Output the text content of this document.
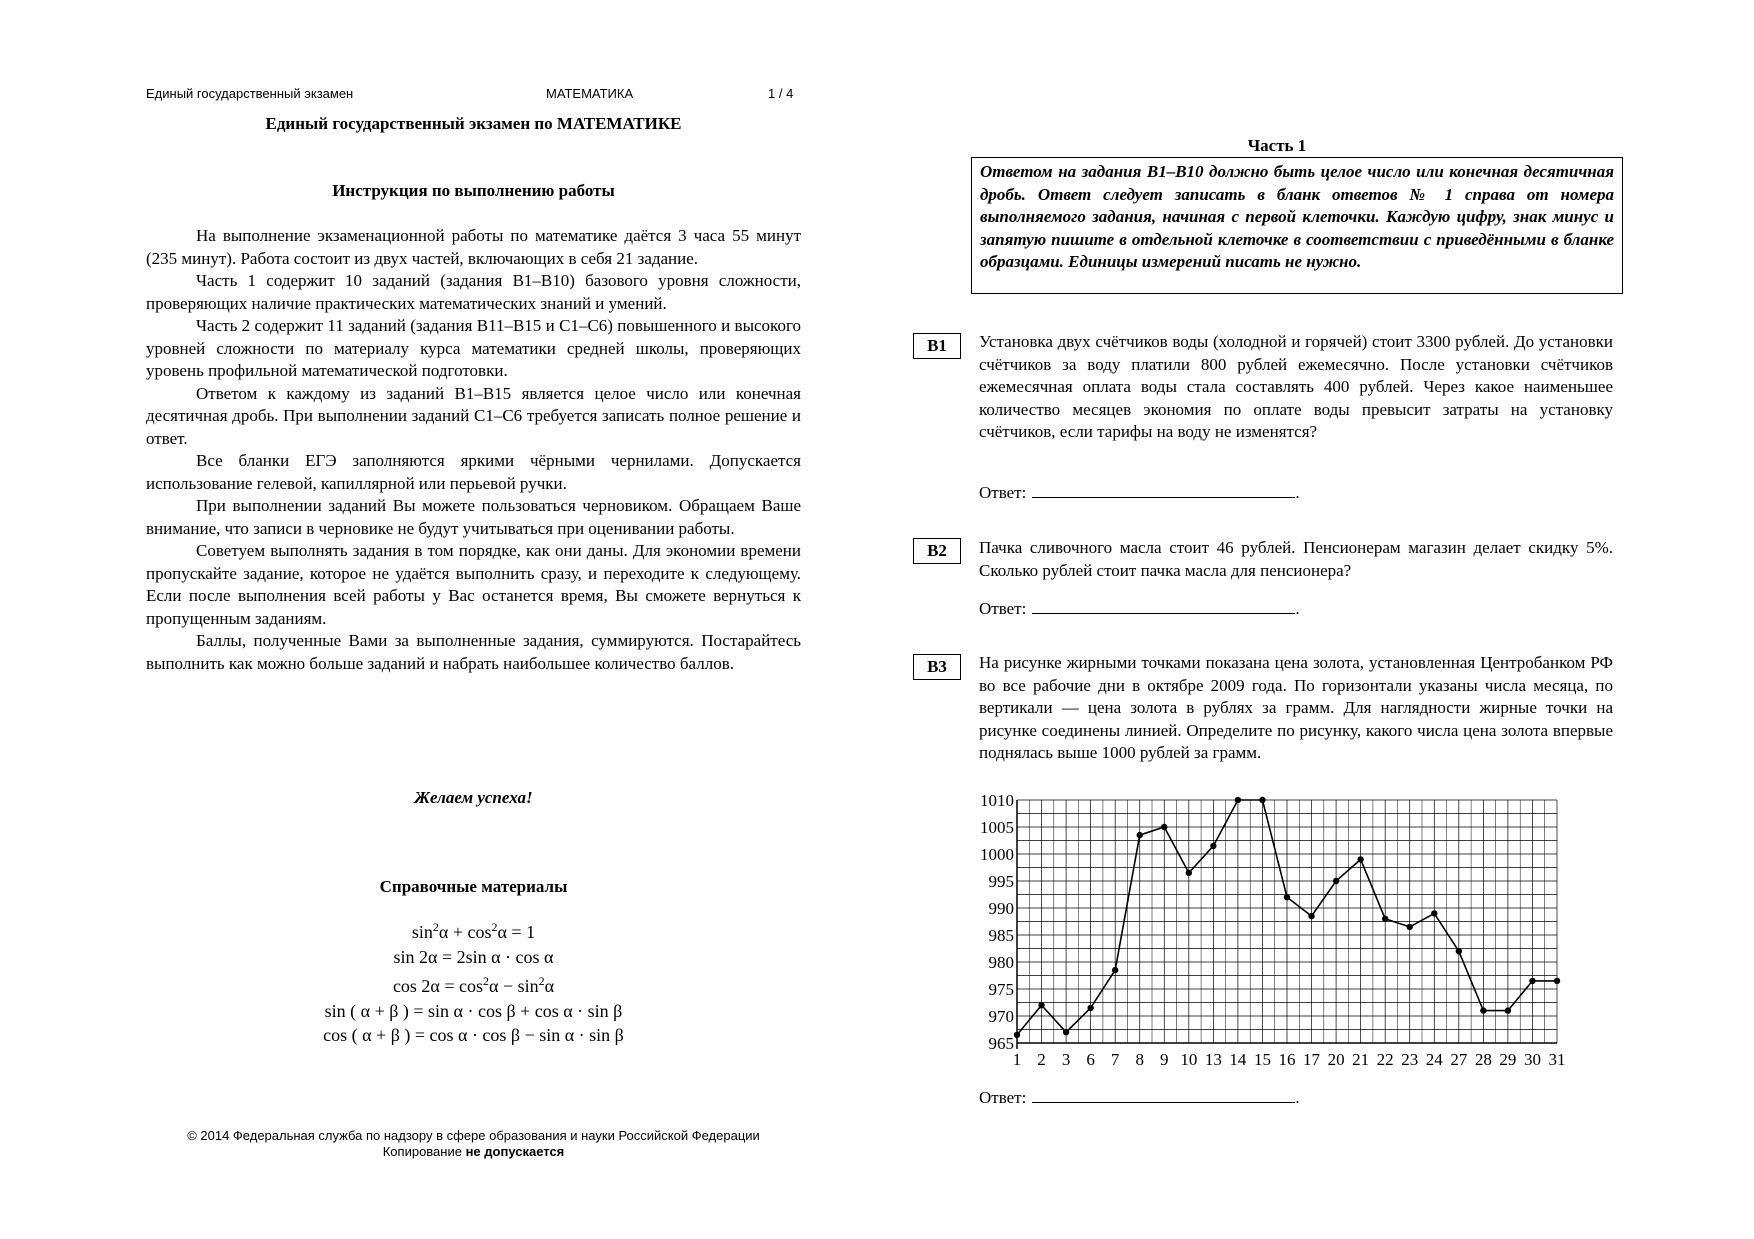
Единый государственный экзамен	МАТЕМАТИКА	1 / 4
Единый государственный экзамен по МАТЕМАТИКЕ
Инструкция по выполнению работы

На выполнение экзаменационной работы по математике даётся 3 часа 55 минут (235 минут). Работа состоит из двух частей, включающих в себя 21 задание.

Часть 1 содержит 10 заданий (задания B1–B10) базового уровня сложности, проверяющих наличие практических математических знаний и умений.

Часть 2 содержит 11 заданий (задания B11–B15 и C1–C6) повышенного и высокого уровней сложности по материалу курса математики средней школы, проверяющих уровень профильной математической подготовки.

Ответом к каждому из заданий B1–B15 является целое число или конечная десятичная дробь. При выполнении заданий C1–C6 требуется записать полное решение и ответ.

Все бланки ЕГЭ заполняются яркими чёрными чернилами. Допускается использование гелевой, капиллярной или перьевой ручки.

При выполнении заданий Вы можете пользоваться черновиком. Обращаем Ваше внимание, что записи в черновике не будут учитываться при оценивании работы.

Советуем выполнять задания в том порядке, как они даны. Для экономии времени пропускайте задание, которое не удаётся выполнить сразу, и переходите к следующему. Если после выполнения всей работы у Вас останется время, Вы сможете вернуться к пропущенным заданиям.

Баллы, полученные Вами за выполненные задания, суммируются. Постарайтесь выполнить как можно больше заданий и набрать наибольшее количество баллов.

Желаем успеха!
Справочные материалы
$\sin^2\alpha + \cos^2\alpha = 1$
sin 2α = 2sin α · cos α
$\cos 2\alpha = \cos^2\alpha - \sin^2\alpha$
sin ( α + β ) = sin α · cos β + cos α · sin β
cos ( α + β ) = cos α · cos β − sin α · sin β
© 2014 Федеральная служба по надзору в сфере образования и науки Российской Федерации
Копирование не допускается
Часть 1
Ответом на задания B1–B10 должно быть целое число или конечная десятичная дробь. Ответ следует записать в бланк ответов № 1 справа от номера выполняемого задания, начиная с первой клеточки. Каждую цифру, знак минус и запятую пишите в отдельной клеточке в соответствии с приведёнными в бланке образцами. Единицы измерений писать не нужно.
B1	Установка двух счётчиков воды (холодной и горячей) стоит 3300 рублей. До установки счётчиков за воду платили 800 рублей ежемесячно. После установки счётчиков ежемесячная оплата воды стала составлять 400 рублей. Через какое наименьшее количество месяцев экономия по оплате воды превысит затраты на установку счётчиков, если тарифы на воду не изменятся?
Ответ:	.
B2	Пачка сливочного масла стоит 46 рублей. Пенсионерам магазин делает скидку 5%. Сколько рублей стоит пачка масла для пенсионера?
Ответ:	.
B3	На рисунке жирными точками показана цена золота, установленная Центробанком РФ во все рабочие дни в октябре 2009 года. По горизонтали указаны числа месяца, по вертикали — цена золота в рублях за грамм. Для наглядности жирные точки на рисунке соединены линией. Определите по рисунку, какого числа цена золота впервые поднялась выше 1000 рублей за грамм.
965
970
975
980
985
990
995
1000
1005
1010
1 2 3 6 7 8 9 10 13 14 15 16 17 20 21 22 23 24 27 28 29 30 31
Ответ:	.
